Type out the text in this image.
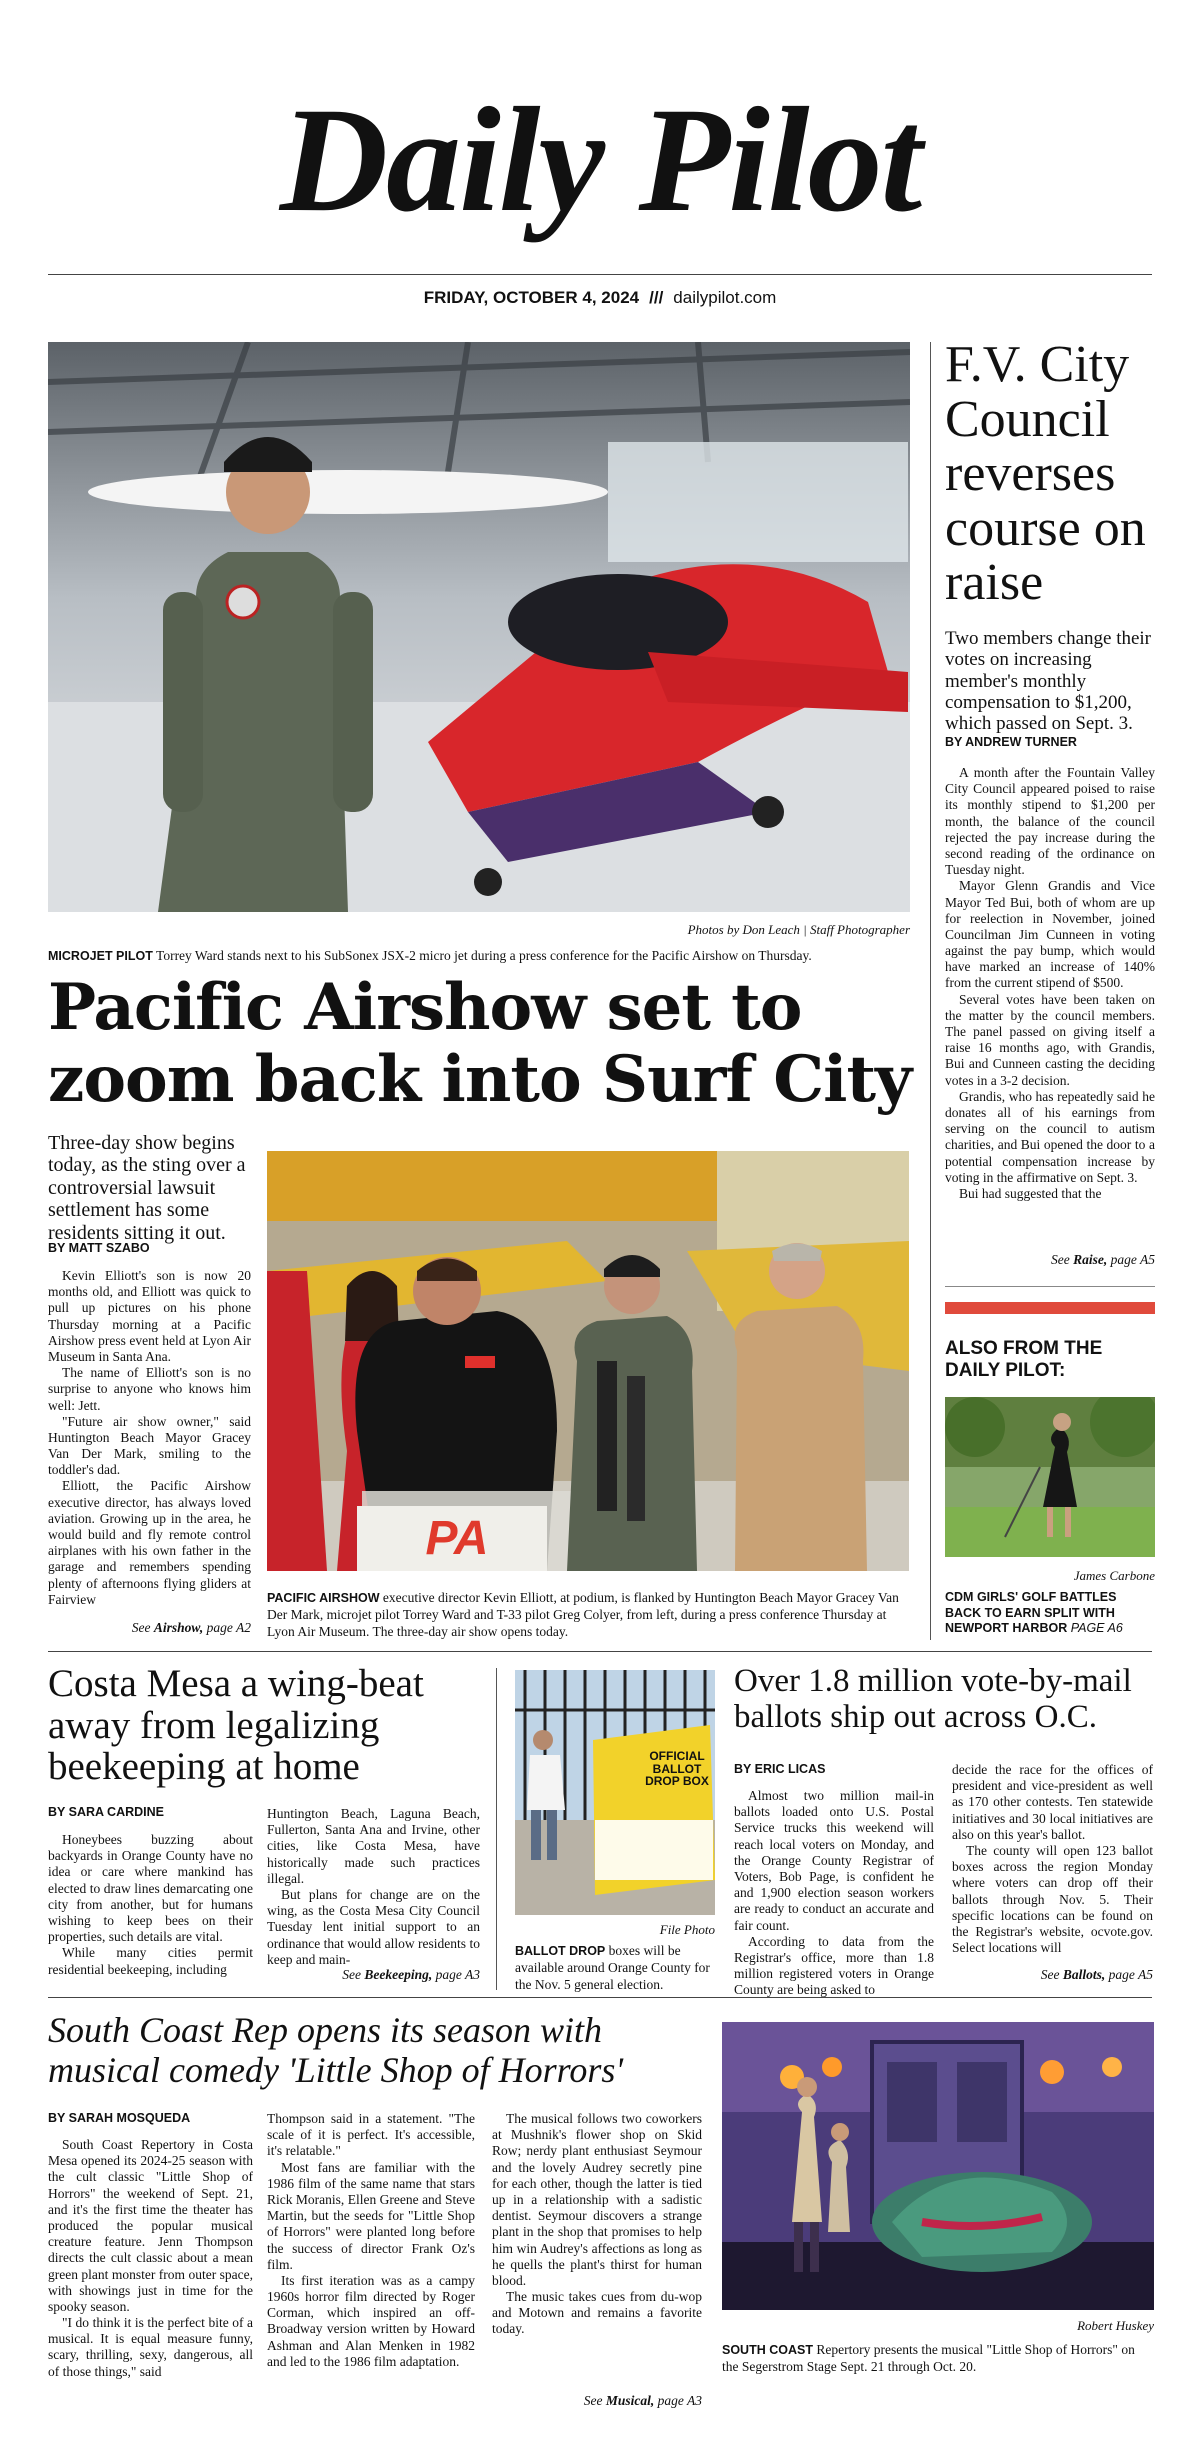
Daily Pilot
FRIDAY, OCTOBER 4, 2024 /// dailypilot.com
Photos by Don Leach | Staff Photographer
MICROJET PILOT Torrey Ward stands next to his SubSonex JSX-2 micro jet during a press conference for the Pacific Airshow on Thursday.
Pacific Airshow set to zoom back into Surf City
Three-day show begins today, as the sting over a controversial lawsuit settlement has some residents sitting it out.
BY MATT SZABO

Kevin Elliott's son is now 20 months old, and Elliott was quick to pull up pictures on his phone Thursday morning at a Pacific Airshow press event held at Lyon Air Museum in Santa Ana.

The name of Elliott's son is no surprise to anyone who knows him well: Jett.

"Future air show owner," said Huntington Beach Mayor Gracey Van Der Mark, smiling to the toddler's dad.

Elliott, the Pacific Airshow executive director, has always loved aviation. Growing up in the area, he would build and fly remote control airplanes with his own father in the garage and remembers spending plenty of afternoons flying gliders at Fairview

See Airshow, page A2
PA
PACIFIC AIRSHOW executive director Kevin Elliott, at podium, is flanked by Huntington Beach Mayor Gracey Van Der Mark, microjet pilot Torrey Ward and T-33 pilot Greg Colyer, from left, during a press conference Thursday at Lyon Air Museum. The three-day air show opens today.
F.V. City Council reverses course on raise
Two members change their votes on increasing member's monthly compensation to $1,200, which passed on Sept. 3.
BY ANDREW TURNER

A month after the Fountain Valley City Council appeared poised to raise its monthly stipend to $1,200 per month, the balance of the council rejected the pay increase during the second reading of the ordinance on Tuesday night.

Mayor Glenn Grandis and Vice Mayor Ted Bui, both of whom are up for reelection in November, joined Councilman Jim Cunneen in voting against the pay bump, which would have marked an increase of 140% from the current stipend of $500.

Several votes have been taken on the matter by the council members. The panel passed on giving itself a raise 16 months ago, with Grandis, Bui and Cunneen casting the deciding votes in a 3-2 decision.

Grandis, who has repeatedly said he donates all of his earnings from serving on the council to autism charities, and Bui opened the door to a potential compensation increase by voting in the affirmative on Sept. 3.

Bui had suggested that the

See Raise, page A5
ALSO FROM THE DAILY PILOT:
James Carbone
CDM GIRLS' GOLF BATTLES BACK TO EARN SPLIT WITH NEWPORT HARBOR PAGE A6
Costa Mesa a wing-beat away from legalizing beekeeping at home
BY SARA CARDINE

Honeybees buzzing about backyards in Orange County have no idea or care where mankind has elected to draw lines demarcating one city from another, but for humans wishing to keep bees on their properties, such details are vital.

While many cities permit residential beekeeping, including

Huntington Beach, Laguna Beach, Fullerton, Santa Ana and Irvine, other cities, like Costa Mesa, have historically made such practices illegal.

But plans for change are on the wing, as the Costa Mesa City Council Tuesday lent initial support to an ordinance that would allow residents to keep and main-

See Beekeeping, page A3
OFFICIAL BALLOT DROP BOX
File Photo
BALLOT DROP boxes will be available around Orange County for the Nov. 5 general election.
Over 1.8 million vote-by-mail ballots ship out across O.C.
BY ERIC LICAS

Almost two million mail-in ballots loaded onto U.S. Postal Service trucks this weekend will reach local voters on Monday, and the Orange County Registrar of Voters, Bob Page, is confident he and 1,900 election season workers are ready to conduct an accurate and fair count.

According to data from the Registrar's office, more than 1.8 million registered voters in Orange County are being asked to

decide the race for the offices of president and vice-president as well as 170 other contests. Ten statewide initiatives and 30 local initiatives are also on this year's ballot.

The county will open 123 ballot boxes across the region Monday where voters can drop off their ballots through Nov. 5. Their specific locations can be found on the Registrar's website, ocvote.gov. Select locations will

See Ballots, page A5
South Coast Rep opens its season with musical comedy 'Little Shop of Horrors'
BY SARAH MOSQUEDA

South Coast Repertory in Costa Mesa opened its 2024-25 season with the cult classic "Little Shop of Horrors" the weekend of Sept. 21, and it's the first time the theater has produced the popular musical creature feature. Jenn Thompson directs the cult classic about a mean green plant monster from outer space, with showings just in time for the spooky season.

"I do think it is the perfect bite of a musical. It is equal measure funny, scary, thrilling, sexy, dangerous, all of those things," said

Thompson said in a statement. "The scale of it is perfect. It's accessible, it's relatable."

Most fans are familiar with the 1986 film of the same name that stars Rick Moranis, Ellen Greene and Steve Martin, but the seeds for "Little Shop of Horrors" were planted long before the success of director Frank Oz's film.

Its first iteration was as a campy 1960s horror film directed by Roger Corman, which inspired an off-Broadway version written by Howard Ashman and Alan Menken in 1982 and led to the 1986 film adaptation.

The musical follows two coworkers at Mushnik's flower shop on Skid Row; nerdy plant enthusiast Seymour and the lovely Audrey secretly pine for each other, though the latter is tied up in a relationship with a sadistic dentist. Seymour discovers a strange plant in the shop that promises to help him win Audrey's affections as long as he quells the plant's thirst for human blood.

The music takes cues from du-wop and Motown and remains a favorite today.

See Musical, page A3
Robert Huskey
SOUTH COAST Repertory presents the musical "Little Shop of Horrors" on the Segerstrom Stage Sept. 21 through Oct. 20.
